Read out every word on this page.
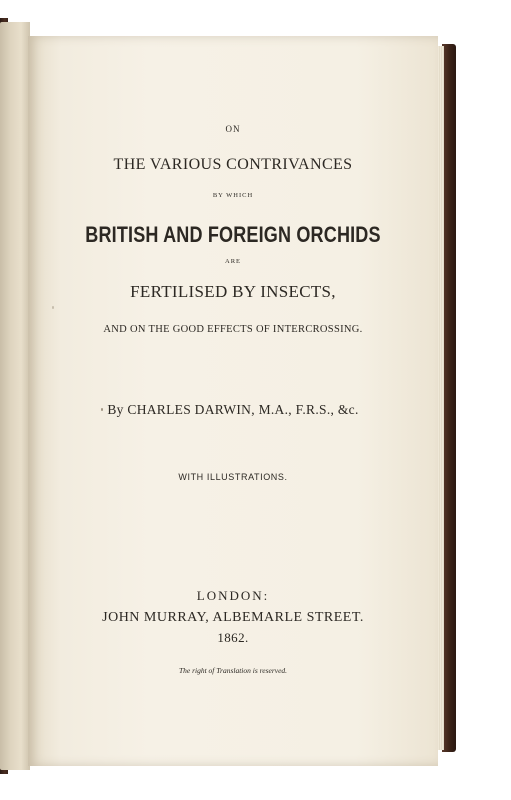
ON
THE VARIOUS CONTRIVANCES
BY WHICH
BRITISH AND FOREIGN ORCHIDS
ARE
FERTILISED BY INSECTS,
AND ON THE GOOD EFFECTS OF INTERCROSSING.
By CHARLES DARWIN, M.A., F.R.S., &c.
WITH ILLUSTRATIONS.
LONDON:
JOHN MURRAY, ALBEMARLE STREET.
1862.
The right of Translation is reserved.
